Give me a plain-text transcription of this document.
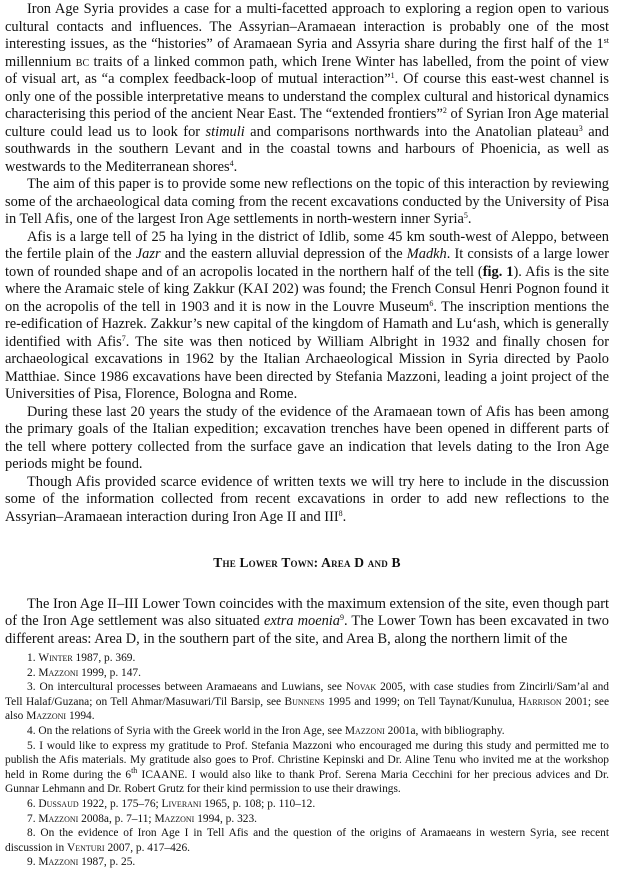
Iron Age Syria provides a case for a multi-facetted approach to exploring a region open to various cultural contacts and influences. The Assyrian–Aramaean interaction is probably one of the most interesting issues, as the “histories” of Aramaean Syria and Assyria share during the first half of the 1st millennium bc traits of a linked common path, which Irene Winter has labelled, from the point of view of visual art, as “a complex feedback-loop of mutual interaction”$^1$. Of course this east-west channel is only one of the possible interpretative means to understand the complex cultural and historical dynamics characterising this period of the ancient Near East. The “extended frontiers”$^2$ of Syrian Iron Age material culture could lead us to look for stimuli and comparisons northwards into the Anatolian plateau$^3$ and southwards in the southern Levant and in the coastal towns and harbours of Phoenicia, as well as westwards to the Mediterranean shores$^4$.

The aim of this paper is to provide some new reflections on the topic of this interaction by reviewing some of the archaeological data coming from the recent excavations conducted by the University of Pisa in Tell Afis, one of the largest Iron Age settlements in north-western inner Syria$^5$.

Afis is a large tell of 25 ha lying in the district of Idlib, some 45 km south-west of Aleppo, between the fertile plain of the Jazr and the eastern alluvial depression of the Madkh. It consists of a large lower town of rounded shape and of an acropolis located in the northern half of the tell (fig. 1). Afis is the site where the Aramaic stele of king Zakkur (KAI 202) was found; the French Consul Henri Pognon found it on the acropolis of the tell in 1903 and it is now in the Louvre Museum$^6$. The inscription mentions the re-edification of Hazrek. Zakkur’s new capital of the kingdom of Hamath and Lu‘ash, which is generally identified with Afis$^7$. The site was then noticed by William Albright in 1932 and finally chosen for archaeological excavations in 1962 by the Italian Archaeological Mission in Syria directed by Paolo Matthiae. Since 1986 excavations have been directed by Stefania Mazzoni, leading a joint project of the Universities of Pisa, Florence, Bologna and Rome.

During these last 20 years the study of the evidence of the Aramaean town of Afis has been among the primary goals of the Italian expedition; excavation trenches have been opened in different parts of the tell where pottery collected from the surface gave an indication that levels dating to the Iron Age periods might be found.

Though Afis provided scarce evidence of written texts we will try here to include in the discussion some of the information collected from recent excavations in order to add new reflections to the Assyrian–Aramaean interaction during Iron Age II and III$^8$.

The Lower Town: Area D and B

The Iron Age II–III Lower Town coincides with the maximum extension of the site, even though part of the Iron Age settlement was also situated extra moenia$^9$. The Lower Town has been excavated in two different areas: Area D, in the southern part of the site, and Area B, along the northern limit of the

1. Winter 1987, p. 369.

2. Mazzoni 1999, p. 147.

3. On intercultural processes between Aramaeans and Luwians, see Novak 2005, with case studies from Zincirli/Sam’al and Tell Halaf/Guzana; on Tell Ahmar/Masuwari/Til Barsip, see Bunnens 1995 and 1999; on Tell Taynat/Kunulua, Harrison 2001; see also Mazzoni 1994.

4. On the relations of Syria with the Greek world in the Iron Age, see Mazzoni 2001a, with bibliography.

5. I would like to express my gratitude to Prof. Stefania Mazzoni who encouraged me during this study and permitted me to publish the Afis materials. My gratitude also goes to Prof. Christine Kepinski and Dr. Aline Tenu who invited me at the workshop held in Rome during the 6th ICAANE. I would also like to thank Prof. Serena Maria Cecchini for her precious advices and Dr. Gunnar Lehmann and Dr. Robert Grutz for their kind permission to use their drawings.

6. Dussaud 1922, p. 175–76; Liverani 1965, p. 108; p. 110–12.

7. Mazzoni 2008a, p. 7–11; Mazzoni 1994, p. 323.

8. On the evidence of Iron Age I in Tell Afis and the question of the origins of Aramaeans in western Syria, see recent discussion in Venturi 2007, p. 417–426.

9. Mazzoni 1987, p. 25.
